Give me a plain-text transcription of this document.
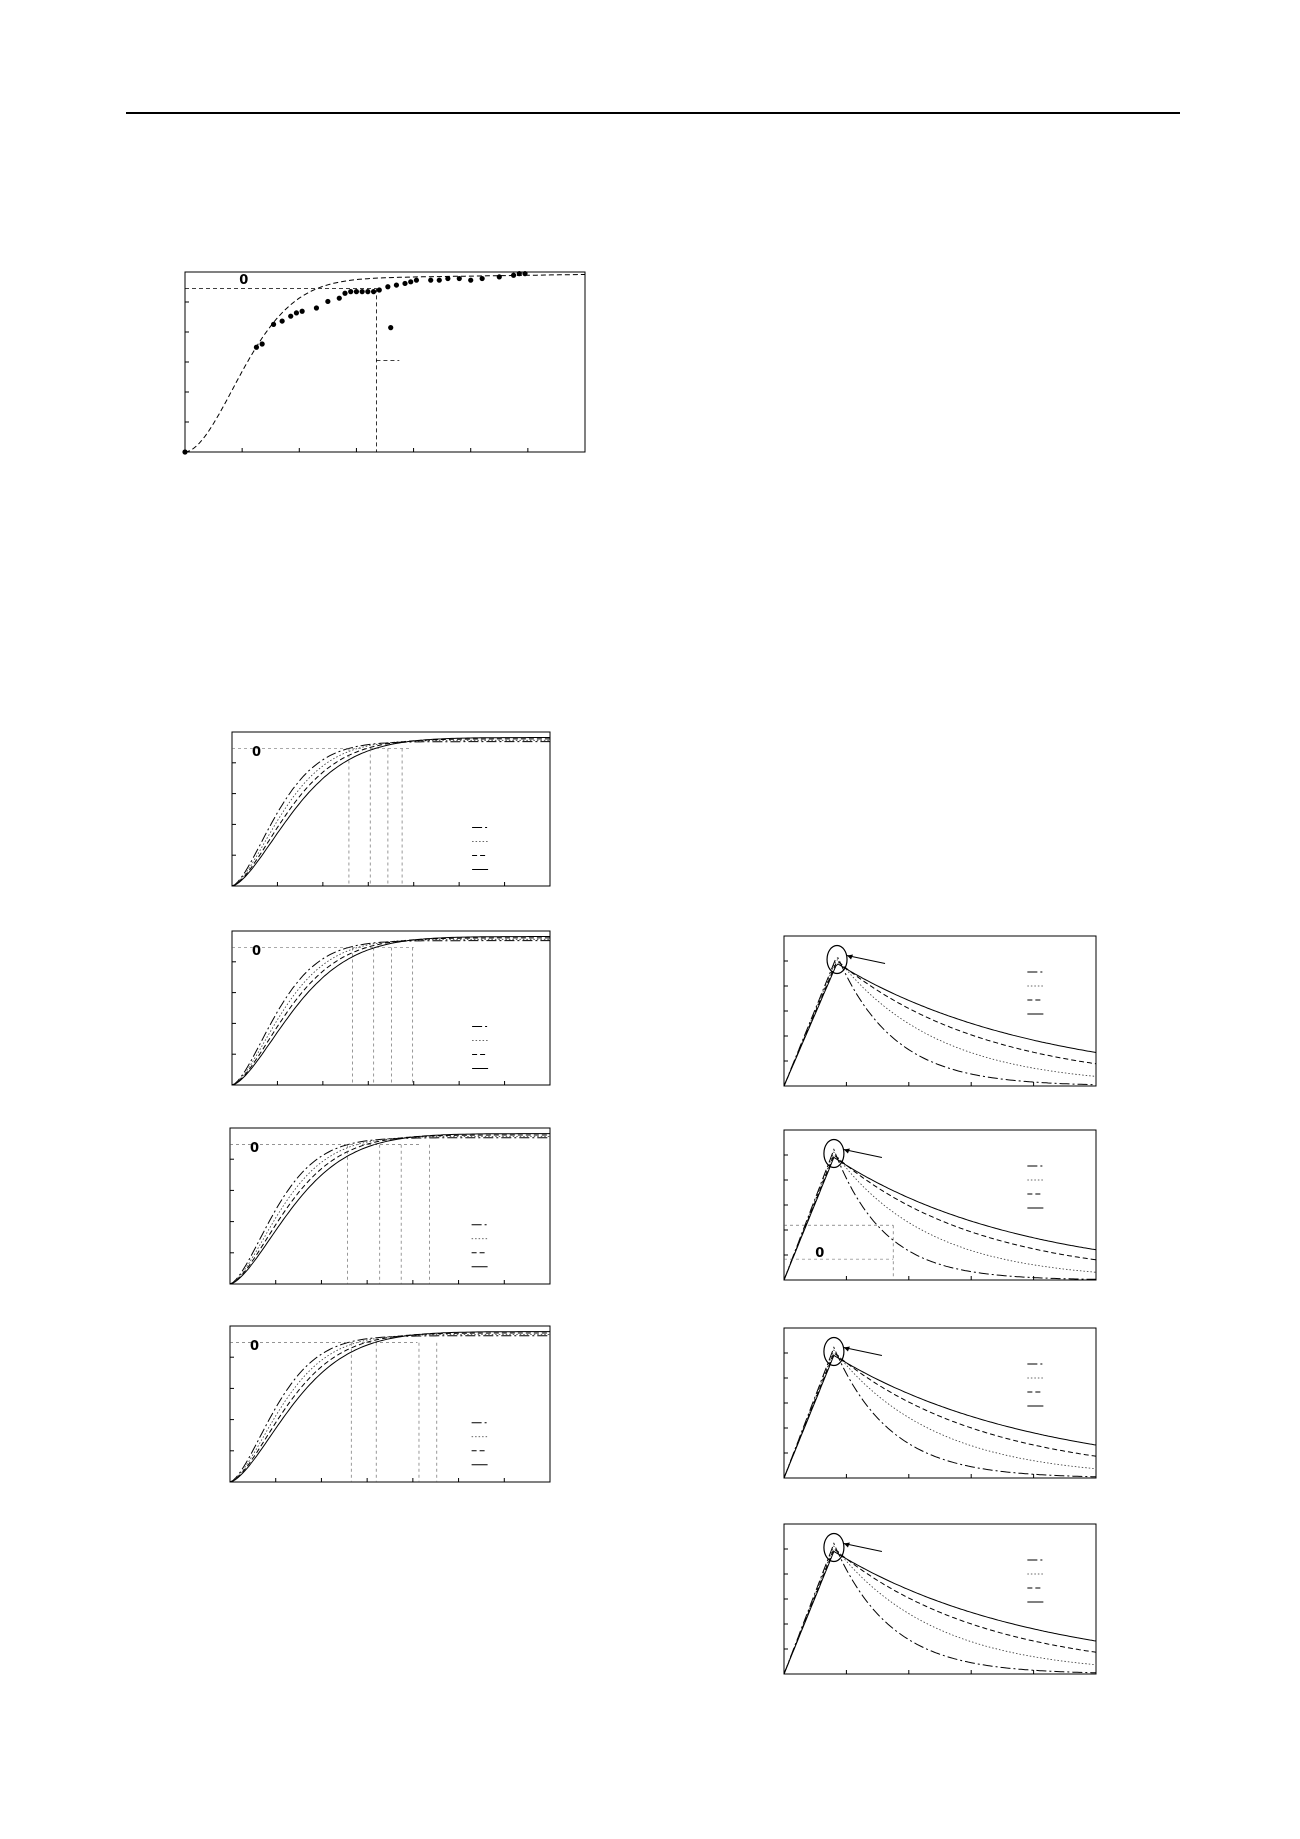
0
0
0
0
0
0
